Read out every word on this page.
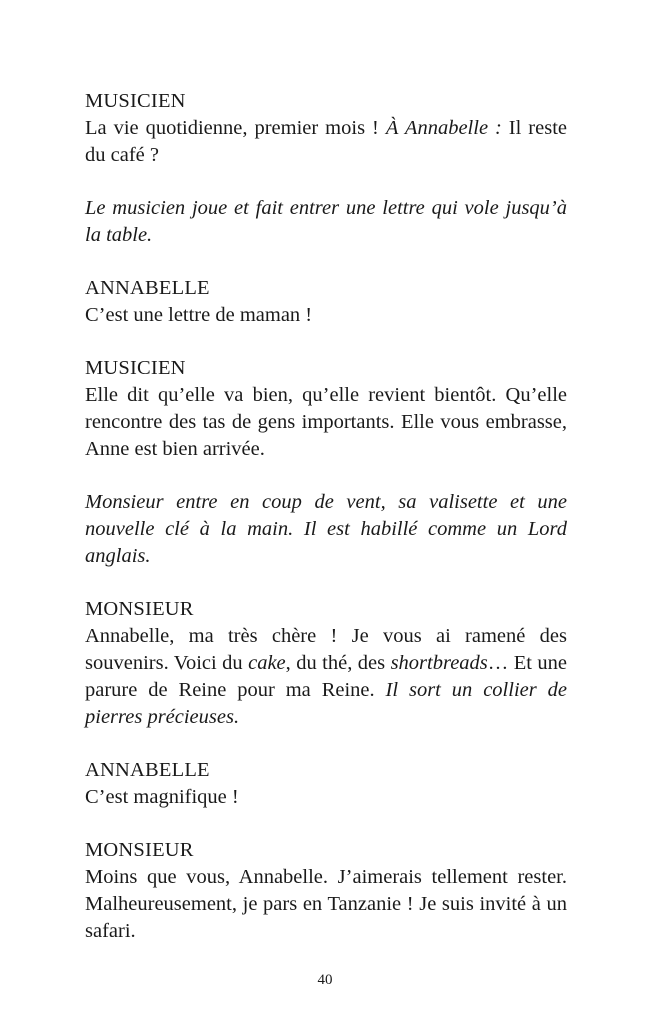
MUSICIEN

La vie quotidienne, premier mois ! À Annabelle : Il reste du café ?

Le musicien joue et fait entrer une lettre qui vole jusqu’à la table.

ANNABELLE

C’est une lettre de maman !

MUSICIEN

Elle dit qu’elle va bien, qu’elle revient bientôt. Qu’elle rencontre des tas de gens importants. Elle vous embrasse, Anne est bien arrivée.

Monsieur entre en coup de vent, sa valisette et une nouvelle clé à la main. Il est habillé comme un Lord anglais.

MONSIEUR

Annabelle, ma très chère ! Je vous ai ramené des souvenirs. Voici du cake, du thé, des shortbreads… Et une parure de Reine pour ma Reine. Il sort un collier de pierres précieuses.

ANNABELLE

C’est magnifique !

MONSIEUR

Moins que vous, Annabelle. J’aimerais tellement rester. Malheureusement, je pars en Tanzanie ! Je suis invité à un safari.

40
